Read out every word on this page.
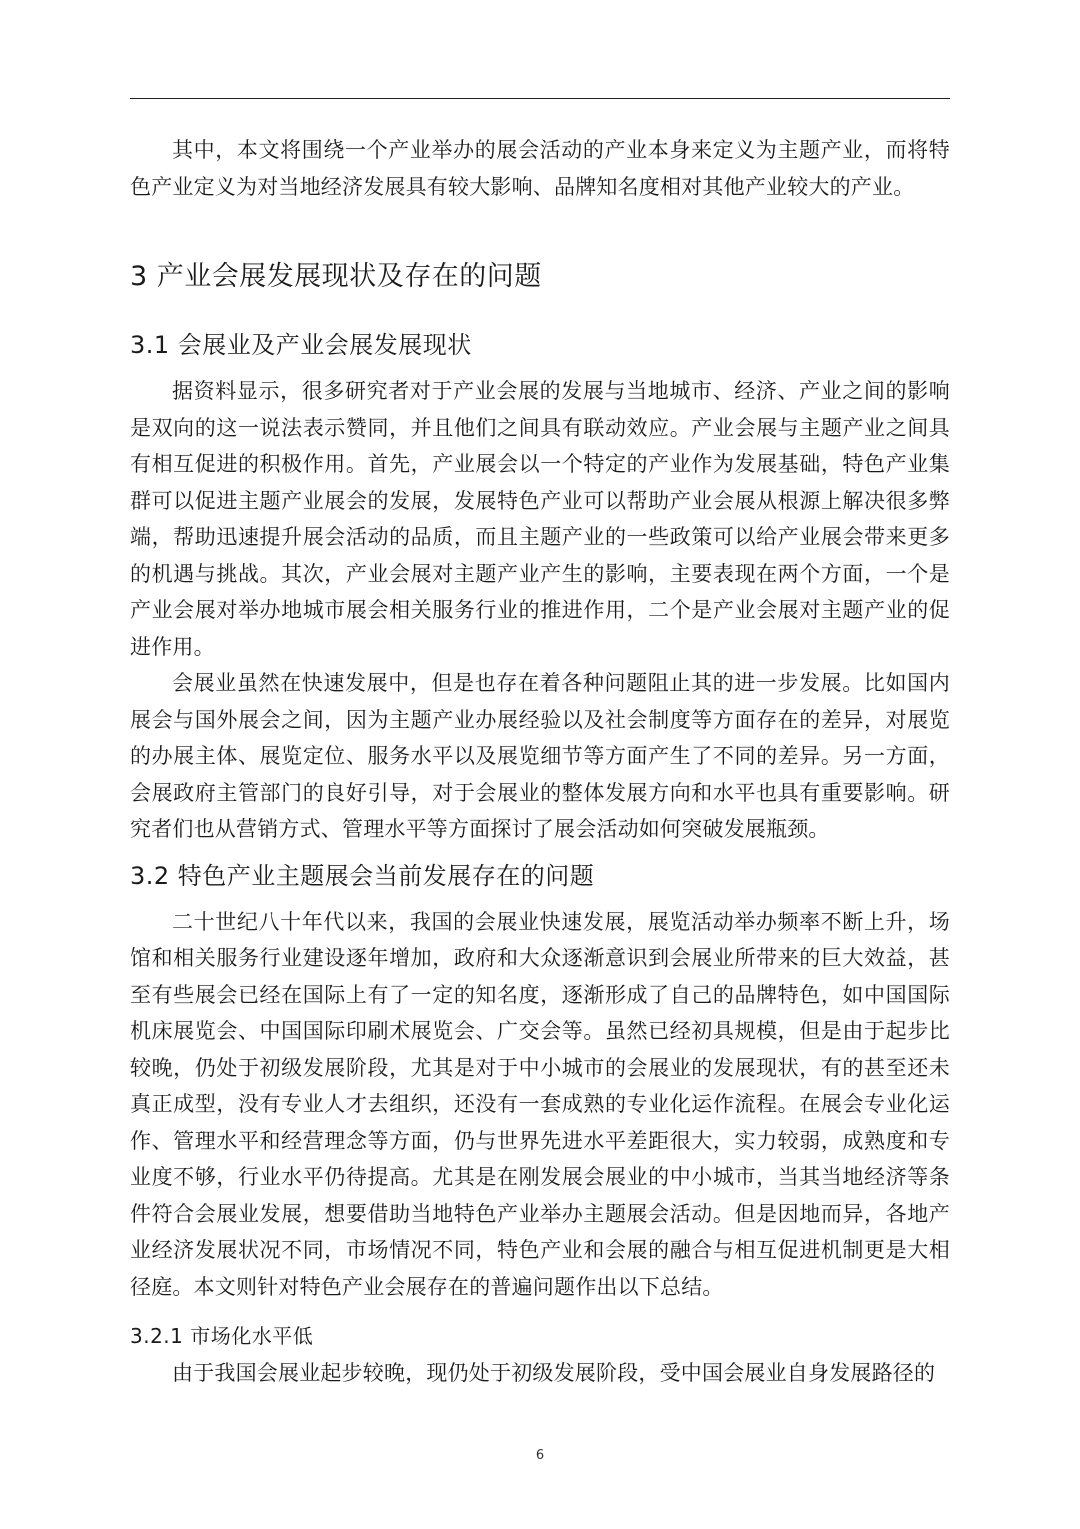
其中，本文将围绕一个产业举办的展会活动的产业本身来定义为主题产业，而将特色产业定义为对当地经济发展具有较大影响、品牌知名度相对其他产业较大的产业。

3 产业会展发展现状及存在的问题
3.1 会展业及产业会展发展现状

据资料显示，很多研究者对于产业会展的发展与当地城市、经济、产业之间的影响是双向的这一说法表示赞同，并且他们之间具有联动效应。产业会展与主题产业之间具有相互促进的积极作用。首先，产业展会以一个特定的产业作为发展基础，特色产业集群可以促进主题产业展会的发展，发展特色产业可以帮助产业会展从根源上解决很多弊端，帮助迅速提升展会活动的品质，而且主题产业的一些政策可以给产业展会带来更多的机遇与挑战。其次，产业会展对主题产业产生的影响，主要表现在两个方面，一个是产业会展对举办地城市展会相关服务行业的推进作用，二个是产业会展对主题产业的促进作用。

会展业虽然在快速发展中，但是也存在着各种问题阻止其的进一步发展。比如国内展会与国外展会之间，因为主题产业办展经验以及社会制度等方面存在的差异，对展览的办展主体、展览定位、服务水平以及展览细节等方面产生了不同的差异。另一方面，会展政府主管部门的良好引导，对于会展业的整体发展方向和水平也具有重要影响。研究者们也从营销方式、管理水平等方面探讨了展会活动如何突破发展瓶颈。

3.2 特色产业主题展会当前发展存在的问题

二十世纪八十年代以来，我国的会展业快速发展，展览活动举办频率不断上升，场馆和相关服务行业建设逐年增加，政府和大众逐渐意识到会展业所带来的巨大效益，甚至有些展会已经在国际上有了一定的知名度，逐渐形成了自己的品牌特色，如中国国际机床展览会、中国国际印刷术展览会、广交会等。虽然已经初具规模，但是由于起步比较晚，仍处于初级发展阶段，尤其是对于中小城市的会展业的发展现状，有的甚至还未真正成型，没有专业人才去组织，还没有一套成熟的专业化运作流程。在展会专业化运作、管理水平和经营理念等方面，仍与世界先进水平差距很大，实力较弱，成熟度和专业度不够，行业水平仍待提高。尤其是在刚发展会展业的中小城市，当其当地经济等条件符合会展业发展，想要借助当地特色产业举办主题展会活动。但是因地而异，各地产业经济发展状况不同，市场情况不同，特色产业和会展的融合与相互促进机制更是大相径庭。本文则针对特色产业会展存在的普遍问题作出以下总结。

3.2.1 市场化水平低

由于我国会展业起步较晚，现仍处于初级发展阶段，受中国会展业自身发展路径的

6
